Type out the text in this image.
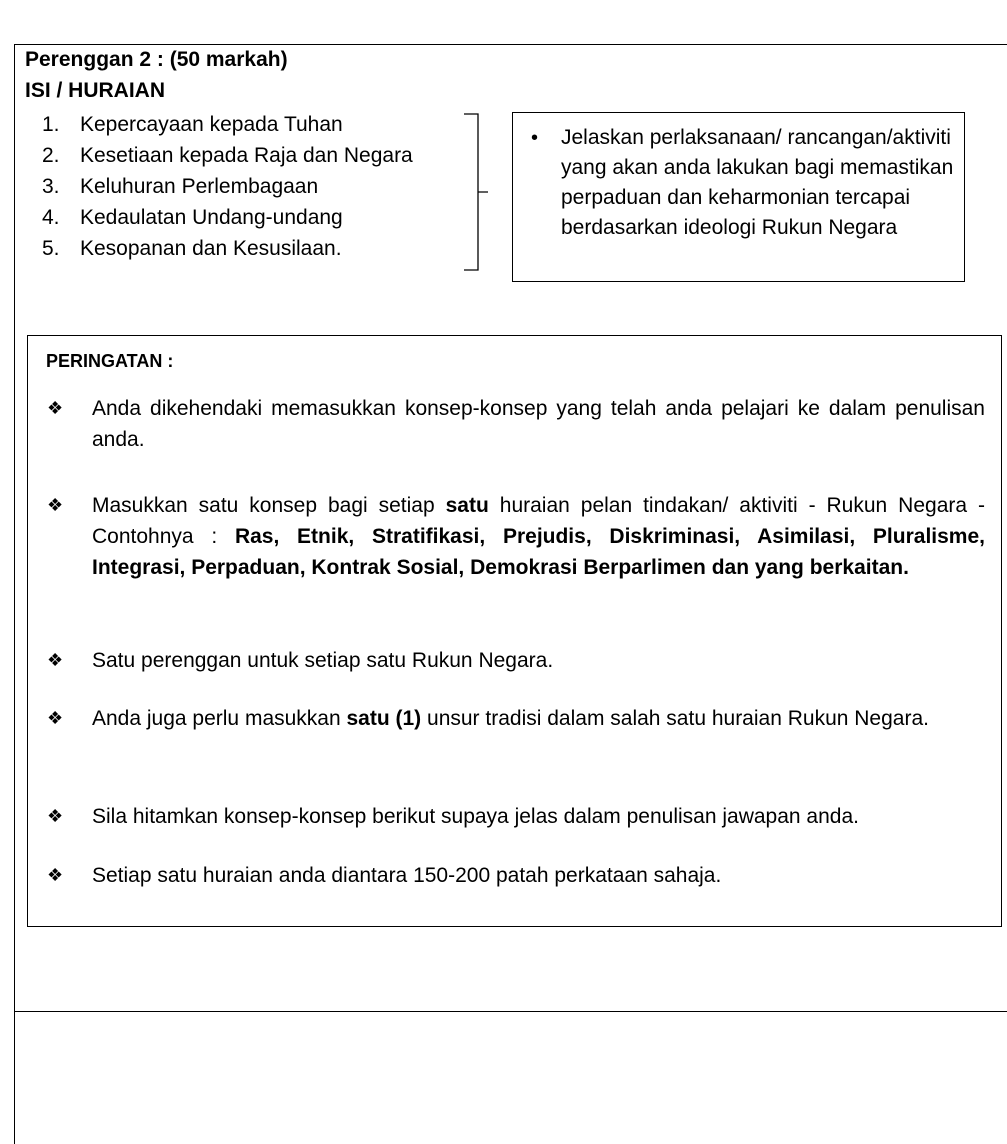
Perenggan 2 : (50 markah)
ISI / HURAIAN
1. Kepercayaan kepada Tuhan
2. Kesetiaan kepada Raja dan Negara
3. Keluhuran Perlembagaan
4. Kedaulatan Undang-undang
5. Kesopanan dan Kesusilaan.
•	Jelaskan perlaksanaan/ rancangan/aktiviti yang akan anda lakukan bagi memastikan perpaduan dan keharmonian tercapai berdasarkan ideologi Rukun Negara
PERINGATAN :
❖	Anda dikehendaki memasukkan konsep-konsep yang telah anda pelajari ke dalam penulisan anda.
❖	Masukkan satu konsep bagi setiap satu huraian pelan tindakan/ aktiviti - Rukun Negara - Contohnya : Ras, Etnik, Stratifikasi, Prejudis, Diskriminasi, Asimilasi, Pluralisme, Integrasi, Perpaduan, Kontrak Sosial, Demokrasi Berparlimen dan yang berkaitan.
❖	Satu perenggan untuk setiap satu Rukun Negara.
❖	Anda juga perlu masukkan satu (1) unsur tradisi dalam salah satu huraian Rukun Negara.
❖	Sila hitamkan konsep-konsep berikut supaya jelas dalam penulisan jawapan anda.
❖	Setiap satu huraian anda diantara 150-200 patah perkataan sahaja.
